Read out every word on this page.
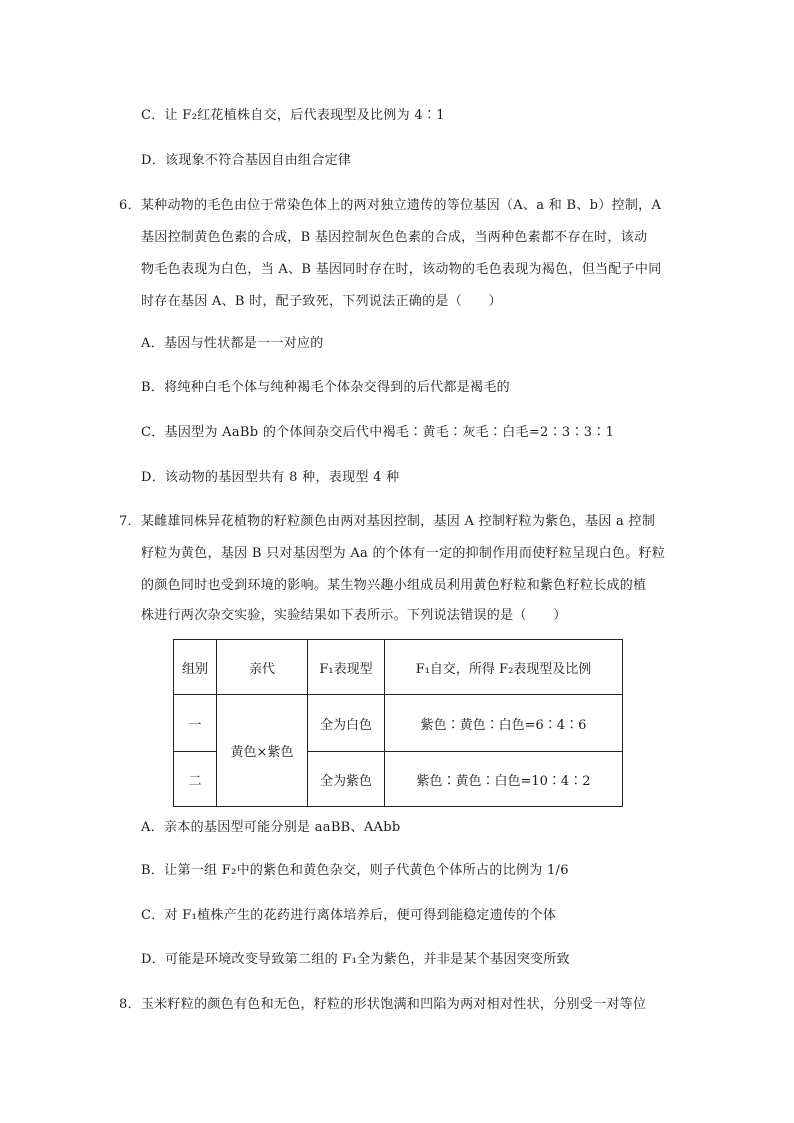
C．让 F₂红花植株自交，后代表现型及比例为 4∶1
D．该现象不符合基因自由组合定律
6．某种动物的毛色由位于常染色体上的两对独立遗传的等位基因（A、a 和 B、b）控制，A
基因控制黄色色素的合成，B 基因控制灰色色素的合成，当两种色素都不存在时，该动
物毛色表现为白色，当 A、B 基因同时存在时，该动物的毛色表现为褐色，但当配子中同
时存在基因 A、B 时，配子致死，下列说法正确的是（　　）
A．基因与性状都是一一对应的
B．将纯种白毛个体与纯种褐毛个体杂交得到的后代都是褐毛的
C．基因型为 AaBb 的个体间杂交后代中褐毛∶黄毛∶灰毛∶白毛=2∶3∶3∶1
D．该动物的基因型共有 8 种，表现型 4 种
7．某雌雄同株异花植物的籽粒颜色由两对基因控制，基因 A 控制籽粒为紫色，基因 a 控制
籽粒为黄色，基因 B 只对基因型为 Aa 的个体有一定的抑制作用而使籽粒呈现白色。籽粒
的颜色同时也受到环境的影响。某生物兴趣小组成员利用黄色籽粒和紫色籽粒长成的植
株进行两次杂交实验，实验结果如下表所示。下列说法错误的是（　　）
组别	亲代	F₁表现型	F₁自交，所得 F₂表现型及比例
一	黄色×紫色	全为白色	紫色∶黄色∶白色=6∶4∶6
二		全为紫色	紫色∶黄色∶白色=10∶4∶2
A．亲本的基因型可能分别是 aaBB、AAbb
B．让第一组 F₂中的紫色和黄色杂交，则子代黄色个体所占的比例为 1/6
C．对 F₁植株产生的花药进行离体培养后，便可得到能稳定遗传的个体
D．可能是环境改变导致第二组的 F₁全为紫色，并非是某个基因突变所致
8．玉米籽粒的颜色有色和无色，籽粒的形状饱满和凹陷为两对相对性状，分别受一对等位
